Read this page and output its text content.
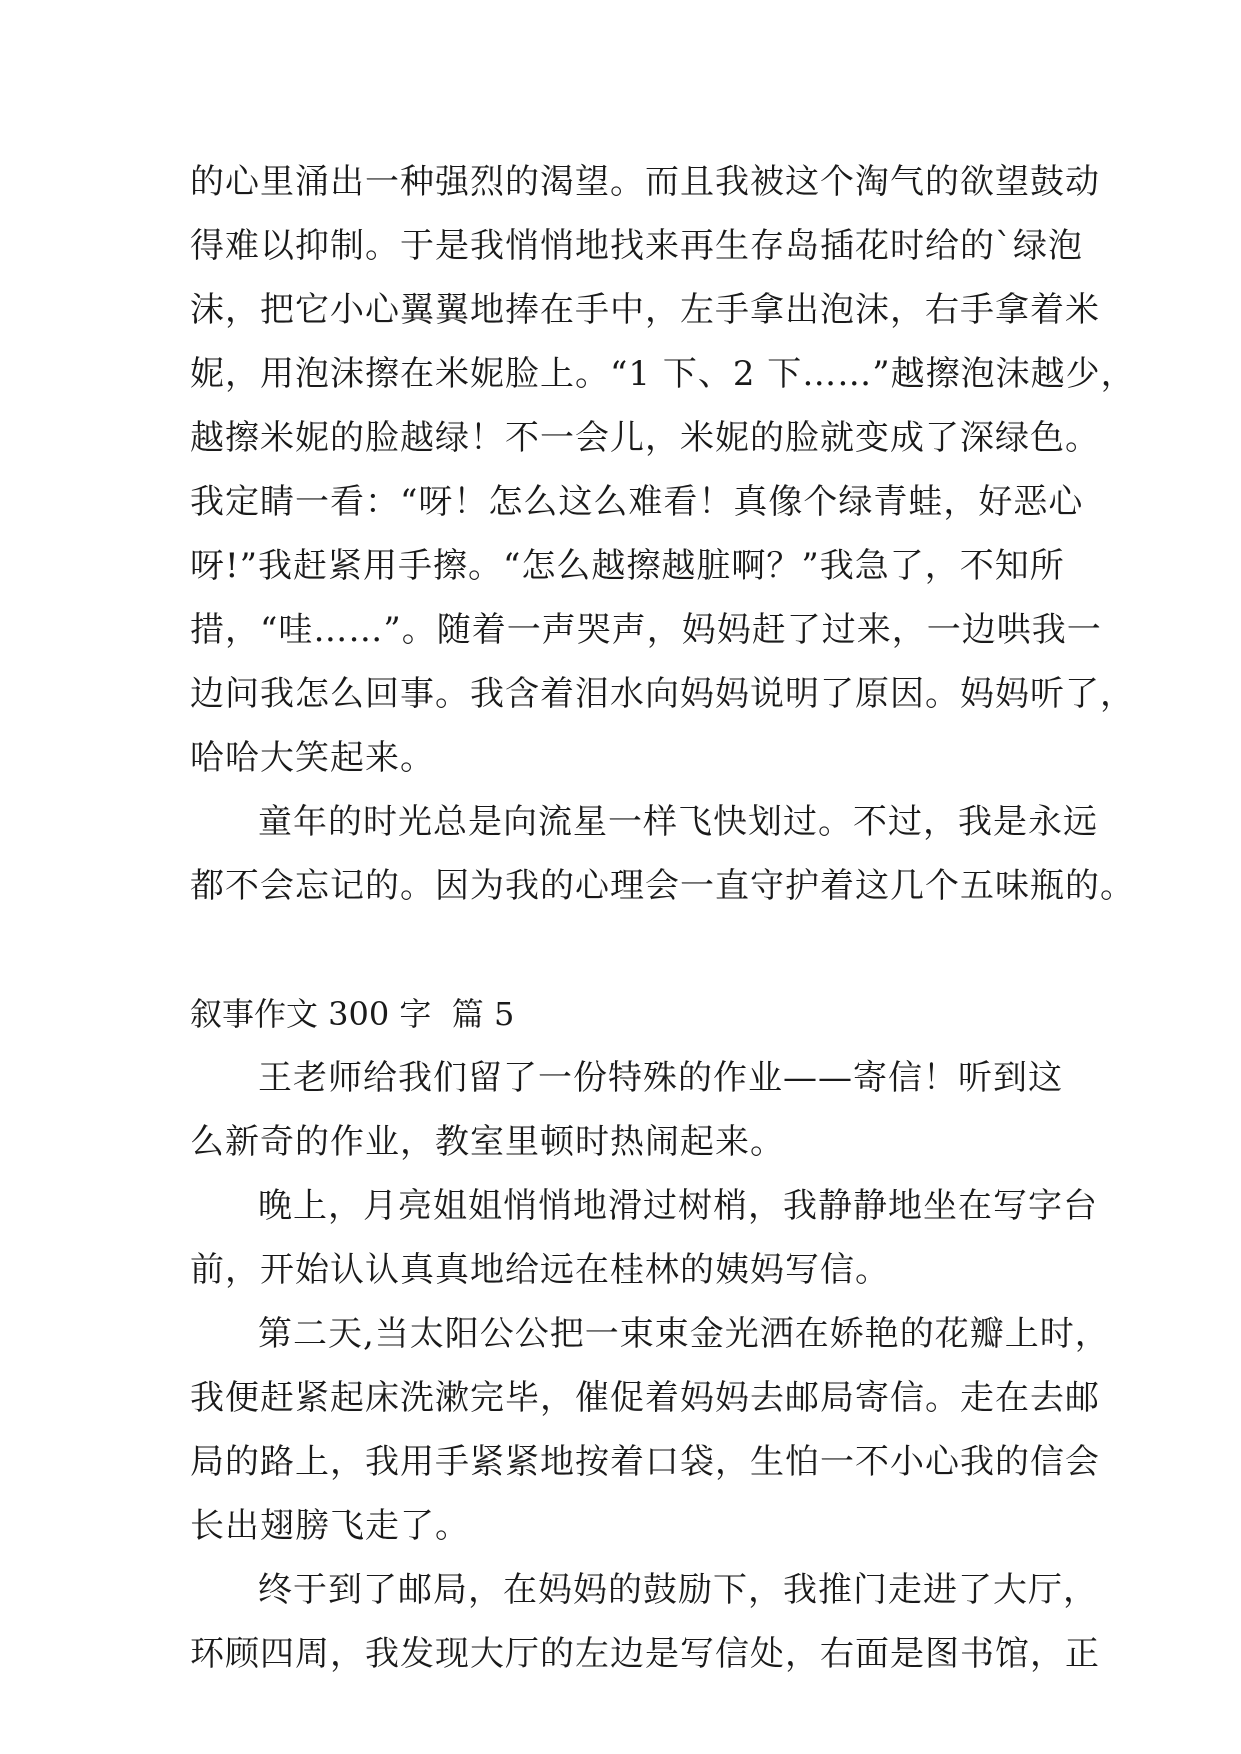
的心里涌出一种强烈的渴望。而且我被这个淘气的欲望鼓动
得难以抑制。于是我悄悄地找来再生存岛插花时给的`绿泡
沫，把它小心翼翼地捧在手中，左手拿出泡沫，右手拿着米
妮，用泡沫擦在米妮脸上。“1 下、2 下……”越擦泡沫越少，
越擦米妮的脸越绿！不一会儿，米妮的脸就变成了深绿色。
我定睛一看：“呀！怎么这么难看！真像个绿青蛙，好恶心
呀!”我赶紧用手擦。“怎么越擦越脏啊？”我急了，不知所
措，“哇……”。随着一声哭声，妈妈赶了过来，一边哄我一
边问我怎么回事。我含着泪水向妈妈说明了原因。妈妈听了，
哈哈大笑起来。
童年的时光总是向流星一样飞快划过。不过，我是永远
都不会忘记的。因为我的心理会一直守护着这几个五味瓶的。
叙事作文 300 字  篇 5
王老师给我们留了一份特殊的作业——寄信！听到这
么新奇的作业，教室里顿时热闹起来。
晚上，月亮姐姐悄悄地滑过树梢，我静静地坐在写字台
前，开始认认真真地给远在桂林的姨妈写信。
第二天,当太阳公公把一束束金光洒在娇艳的花瓣上时，
我便赶紧起床洗漱完毕，催促着妈妈去邮局寄信。走在去邮
局的路上，我用手紧紧地按着口袋，生怕一不小心我的信会
长出翅膀飞走了。
终于到了邮局，在妈妈的鼓励下，我推门走进了大厅，
环顾四周，我发现大厅的左边是写信处，右面是图书馆，正
